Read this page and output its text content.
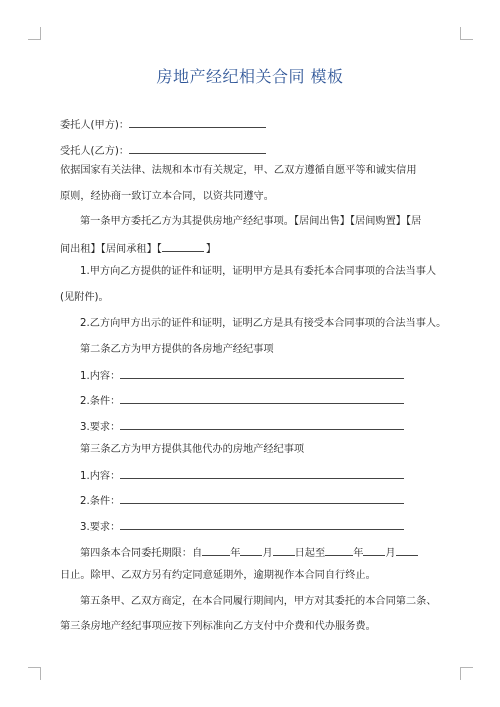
房地产经纪相关合同 模板
委托人(甲方)：
受托人(乙方)：
依据国家有关法律、法规和本市有关规定，甲、乙双方遵循自愿平等和诚实信用
原则，经协商一致订立本合同，以资共同遵守。
第一条甲方委托乙方为其提供房地产经纪事项。【居间出售】【居间购置】【居
间出租】【居间承租】【	】
1.甲方向乙方提供的证件和证明，证明甲方是具有委托本合同事项的合法当事人
(见附件)。
2.乙方向甲方出示的证件和证明，证明乙方是具有接受本合同事项的合法当事人。
第二条乙方为甲方提供的各房地产经纪事项
1.内容：
2.条件：
3.要求：
第三条乙方为甲方提供其他代办的房地产经纪事项
1.内容：
2.条件：
3.要求：
第四条本合同委托期限：自	年 月 日起至	年 月
日止。除甲、乙双方另有约定同意延期外，逾期视作本合同自行终止。
第五条甲、乙双方商定，在本合同履行期间内，甲方对其委托的本合同第二条、
第三条房地产经纪事项应按下列标准向乙方支付中介费和代办服务费。
